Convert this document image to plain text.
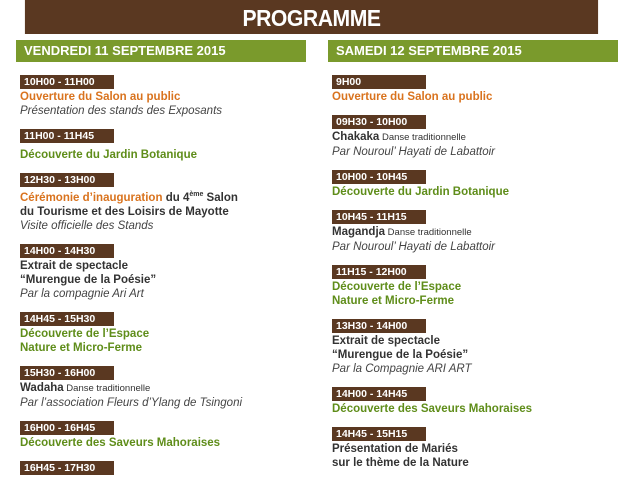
PROGRAMME
VENDREDI 11 SEPTEMBRE 2015
10H00 - 11H00
Ouverture du Salon au public
Présentation des stands des Exposants
11H00 - 11H45
Découverte du Jardin Botanique
12H30 - 13H00
Cérémonie d’inauguration du 4ème Salon
du Tourisme et des Loisirs de Mayotte
Visite officielle des Stands
14H00 - 14H30
Extrait de spectacle
“Murengue de la Poésie”
Par la compagnie Ari Art
14H45 - 15H30
Découverte de l’Espace
Nature et Micro-Ferme
15H30 - 16H00
Wadaha Danse traditionnelle
Par l’association Fleurs d’Ylang de Tsingoni
16H00 - 16H45
Découverte des Saveurs Mahoraises
16H45 - 17H30
SAMEDI 12 SEPTEMBRE 2015
9H00
Ouverture du Salon au public
09H30 - 10H00
Chakaka Danse traditionnelle
Par Nouroul’ Hayati de Labattoir
10H00 - 10H45
Découverte du Jardin Botanique
10H45 - 11H15
Magandja Danse traditionnelle
Par Nouroul’ Hayati de Labattoir
11H15 - 12H00
Découverte de l’Espace
Nature et Micro-Ferme
13H30 - 14H00
Extrait de spectacle
“Murengue de la Poésie”
Par la Compagnie ARI ART
14H00 - 14H45
Découverte des Saveurs Mahoraises
14H45 - 15H15
Présentation de Mariés
sur le thème de la Nature
